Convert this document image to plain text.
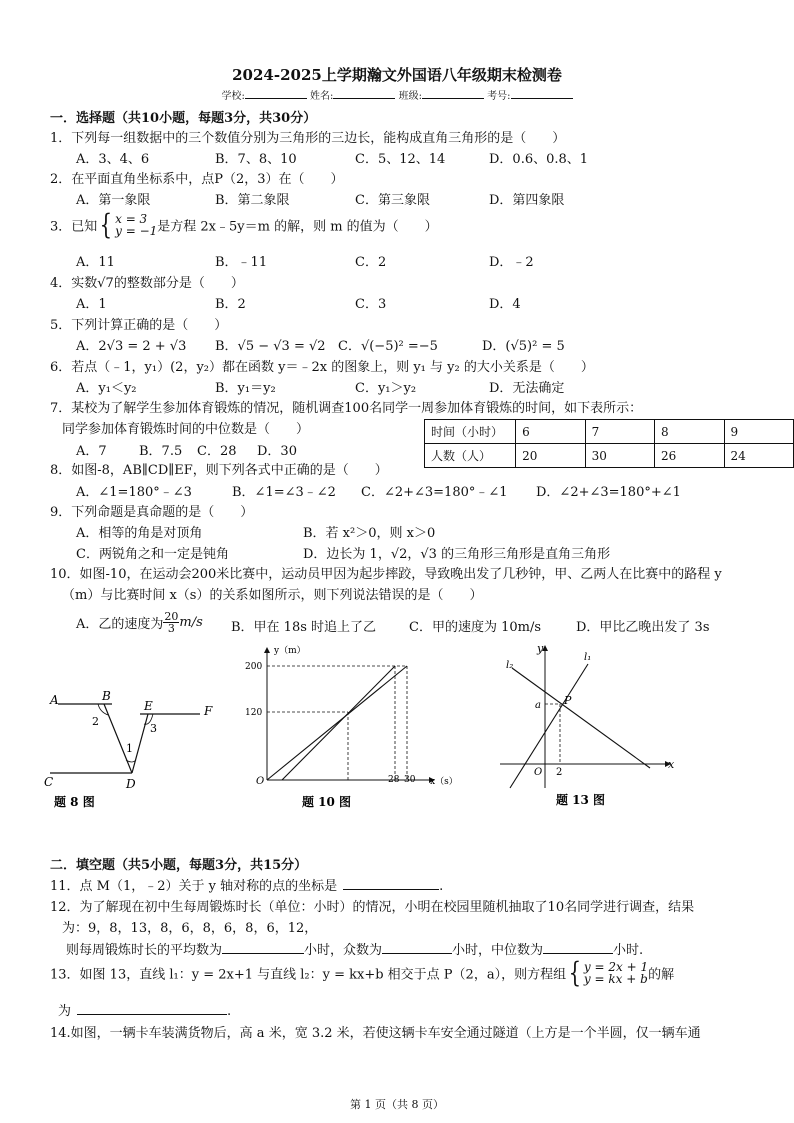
2024-2025上学期瀚文外国语八年级期末检测卷
学校:	姓名:	班级:	考号:
一．选择题（共10小题，每题3分，共30分）
1．下列每一组数据中的三个数值分别为三角形的三边长，能构成直角三角形的是（　　）
A．3、4、6	B．7、8、10	C．5、12、14	D．0.6、0.8、1
2．在平面直角坐标系中，点P（2，3）在（　　）
A．第一象限	B．第二象限	C．第三象限	D．第四象限
3．已知{ x = 3
y = −1 是方程 2x﹣5y＝m 的解，则 m 的值为（　　）
A．11	B．﹣11	C．2	D．﹣2
4．实数√7的整数部分是（　　）
A．1	B．2	C．3	D．4
5．下列计算正确的是（　　）
A．2√3 = 2 + √3 B．√5 − √3 = √2 C．√(−5)² =−5	D．(√5)² = 5
6．若点（﹣1，y₁）(2，y₂）都在函数 y＝﹣2x 的图象上，则 y₁ 与 y₂ 的大小关系是（　　）
A．y₁＜y₂	B．y₁＝y₂	C．y₁＞y₂	D．无法确定
7．某校为了解学生参加体育锻炼的情况，随机调查100名同学一周参加体育锻炼的时间，如下表所示：
同学参加体育锻炼时间的中位数是（　　）
A．7 B．7.5 C．28 D．30
时间（小时）	6	7	8	9
人数（人）	20	30	26	24
8．如图-8，AB∥CD∥EF，则下列各式中正确的是（　　）
A．∠1=180°﹣∠3	B．∠1=∠3﹣∠2 C．∠2+∠3=180°﹣∠1 D．∠2+∠3=180°+∠1
9．下列命题是真命题的是（　　）
A．相等的角是对顶角	B．若 x²＞0，则 x＞0
C．两锐角之和一定是钝角	D．边长为 1，√2，√3 的三角形三角形是直角三角形
10．如图-10，在运动会200米比赛中，运动员甲因为起步摔跤，导致晚出发了几秒钟，甲、乙两人在比赛中的路程 y
（m）与比赛时间 x（s）的关系如图所示，则下列说法错误的是（　　）
A．乙的速度为 $\frac{20}{3} m/s$ B．甲在 18s 时追上了乙	C．甲的速度为 10m/s	D．甲比乙晚出发了 3s
A	B
C	D
E	F
2
3
1
题 8 图
y（m）
200
120
O	28 30 x（s）
题 10 图
y
x
l₁
l₂
P
a
O 2
题 13 图
二．填空题（共5小题，每题3分，共15分）
11．点 M（1，﹣2）关于 y 轴对称的点的坐标是	.
12．为了解现在初中生每周锻炼时长（单位：小时）的情况，小明在校园里随机抽取了10名同学进行调查，结果
为：9，8，13，8，6，8，6，8，6，12，
则每周锻炼时长的平均数为	小时，众数为	小时，中位数为	小时.
13．如图 13，直线 l₁：y = 2x+1 与直线 l₂：y = kx+b 相交于点 P（2，a），则方程组{ y = 2x + 1
y = kx + b 的解
为	.
14.如图，一辆卡车装满货物后，高 a 米，宽 3.2 米，若使这辆卡车安全通过隧道（上方是一个半圆，仅一辆车通
第 1 页（共 8 页）
